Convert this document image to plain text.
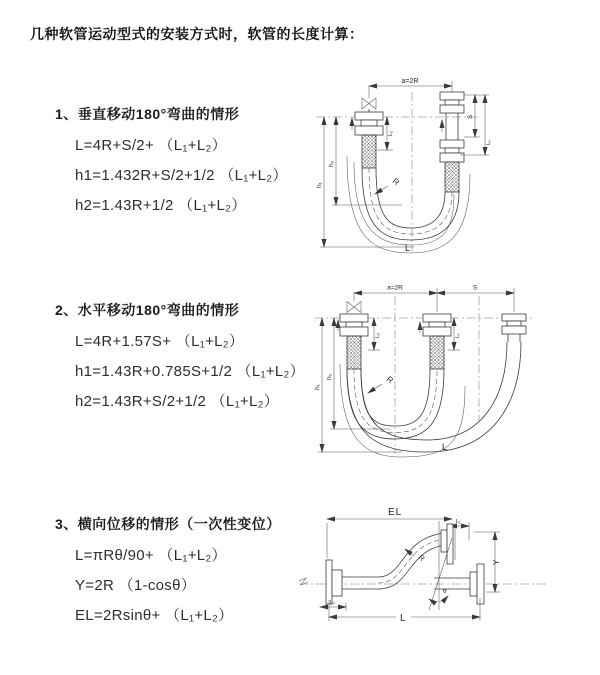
几种软管运动型式的安装方式时，软管的长度计算：
1、垂直移动180°弯曲的情形
L=4R+S/2+ （L₁+L₂）
h1=1.432R+S/2+1/2 （L₁+L₂）
h2=1.43R+1/2 （L₁+L₂）
a=2R
R
L
h₁
h₂
S
L₁
L₂
2、水平移动180°弯曲的情形
L=4R+1.57S+ （L₁+L₂）
h1=1.43R+0.785S+1/2 （L₁+L₂）
h2=1.43R+S/2+1/2 （L₁+L₂）
a=2R	S
R
L
h₁
h₂
L₂	L₁
3、横向位移的情形（一次性变位）
L=πRθ/90+ （L₁+L₂）
Y=2R （1-cosθ）
EL=2Rsinθ+ （L₁+L₂）
EL
L₁
θ
R	Y
L₂
L
